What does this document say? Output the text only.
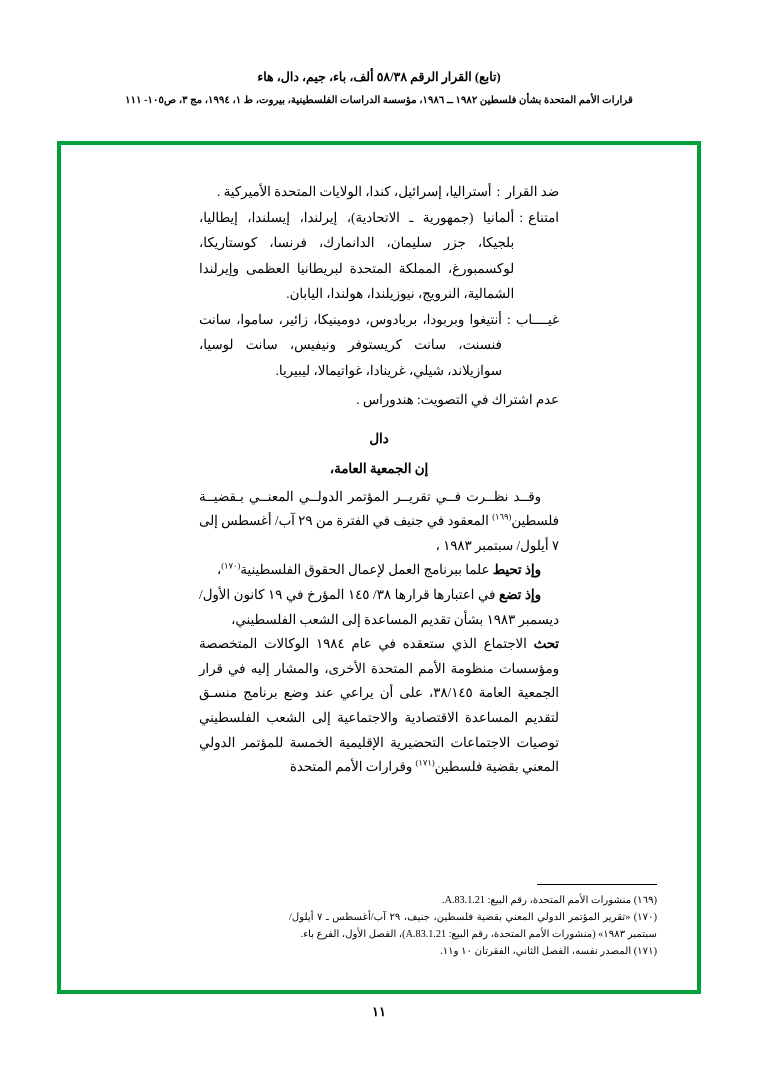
(تابع) القرار الرقم ٥٨/٣٨ ألف، باء، جيم، دال، هاء
قرارات الأمم المتحدة بشأن فلسطين ١٩٨٢ ــ ١٩٨٦، مؤسسة الدراسات الفلسطينية، بيروت، ط ١، ١٩٩٤، مج ٣، ص١٠٥- ١١١
ضد القرار
:
أستراليا، إسرائيل، كندا، الولايات المتحدة الأميركية .
امتناع
:
ألمانيا (جمهورية ـ الاتحادية)، إيرلندا، إيسلندا، إيطاليا، بلجيكا، جزر سليمان، الدانمارك، فرنسا، كوستاريكا، لوكسمبورغ، المملكة المتحدة لبريطانيا العظمى وإيرلندا الشمالية، النرويج، نيوزيلندا، هولندا، اليابان.
غيــــاب
:
أنتيغوا وبربودا، بربادوس، دومينيكا، زائير، ساموا، سانت فنسنت، سانت كريستوفر ونيفيس، سانت لوسيا، سوازيلاند، شيلي، غرينادا، غواتيمالا، ليبيريا.
عدم اشتراك في التصويت: هندوراس .
دال
إن الجمعية العامة،

وقــد نظــرت فــي تقريــر المؤتمر الدولــي المعنــي بـقضيــة فلسطين$^{(١٦٩)}$ المعقود في جنيف في الفترة من ٢٩ آب/ أغسطس إلى ٧ أيلول/ سبتمبر ١٩٨٣ ،

وإذ تحيط علما ببرنامج العمل لإعمال الحقوق الفلسطينية$^{(١٧٠)}$،

وإذ تضع في اعتبارها قرارها ٣٨/ ١٤٥ المؤرخ في ١٩ كانون الأول/ ديسمبر ١٩٨٣ بشأن تقديم المساعدة إلى الشعب الفلسطيني،

تحث الاجتماع الذي ستعقده في عام ١٩٨٤ الوكالات المتخصصة ومؤسسات منظومة الأمم المتحدة الأخرى، والمشار إليه في قرار الجمعية العامة ٣٨/١٤٥، على أن يراعي عند وضع برنامج منسـق لتقديم المساعدة الاقتصادية والاجتماعية إلى الشعب الفلسطيني توصيات الاجتماعات التحضيرية الإقليمية الخمسة للمؤتمر الدولي المعني بقضية فلسطين$^{(١٧١)}$ وقرارات الأمم المتحدة

(١٦٩) منشورات الأمم المتحدة، رقم البيع: A.83.1.21.
(١٧٠) «تقرير المؤتمر الدولي المعني بقضية فلسطين، جنيف، ٢٩ آب/أغسطس ـ ٧ أيلول/سبتمبر ١٩٨٣» (منشورات الأمم المتحدة، رقم البيع: A.83.1.21)، الفصل الأول، الفرع باء.
(١٧١) المصدر نفسه، الفصل الثاني، الفقرتان ١٠ و١١.
١١
